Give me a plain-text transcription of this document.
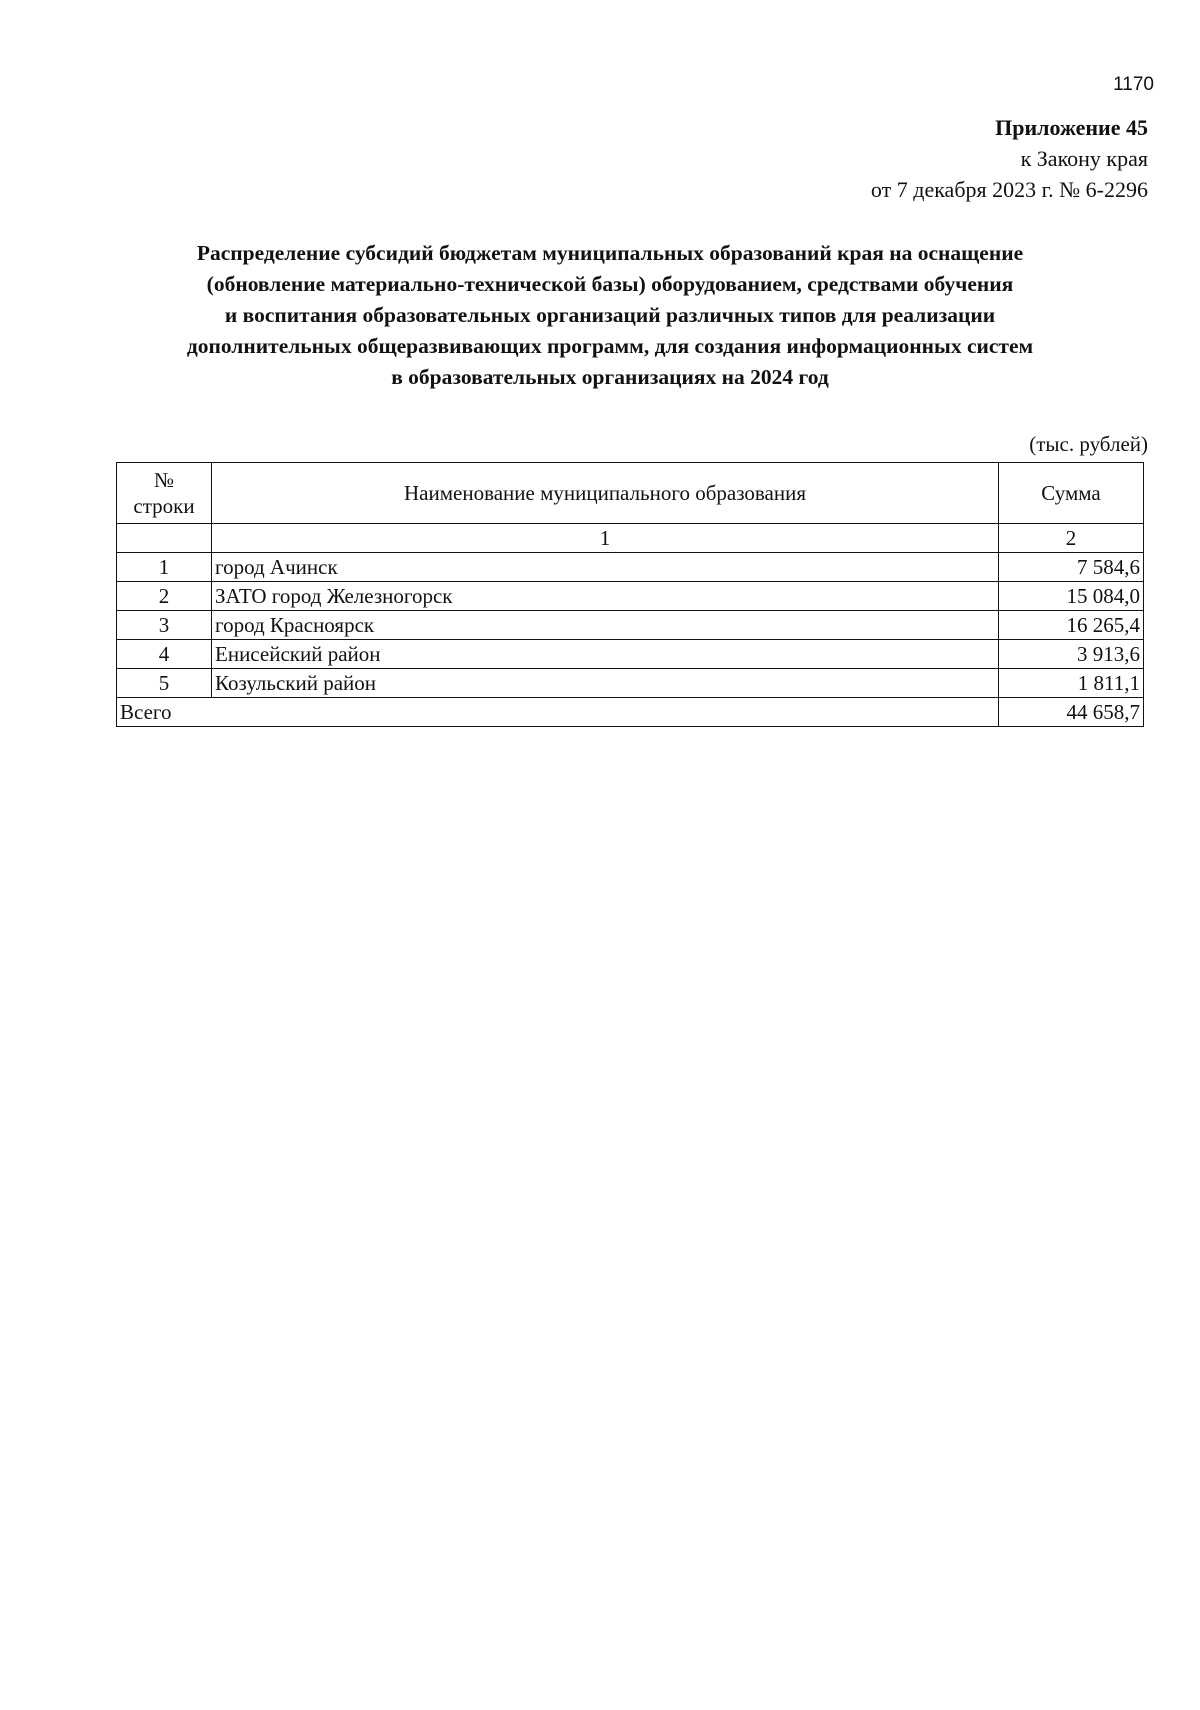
1170
Приложение 45
к Закону края
от 7 декабря 2023 г. № 6-2296
Распределение субсидий бюджетам муниципальных образований края на оснащение
(обновление материально-технической базы) оборудованием, средствами обучения
и воспитания образовательных организаций различных типов для реализации
дополнительных общеразвивающих программ, для создания информационных систем
в образовательных организациях на 2024 год
(тыс. рублей)
№
строки	Наименование муниципального образования	Сумма
	1	2
1	город Ачинск	7 584,6
2	ЗАТО город Железногорск	15 084,0
3	город Красноярск	16 265,4
4	Енисейский район	3 913,6
5	Козульский район	1 811,1
Всего		44 658,7
